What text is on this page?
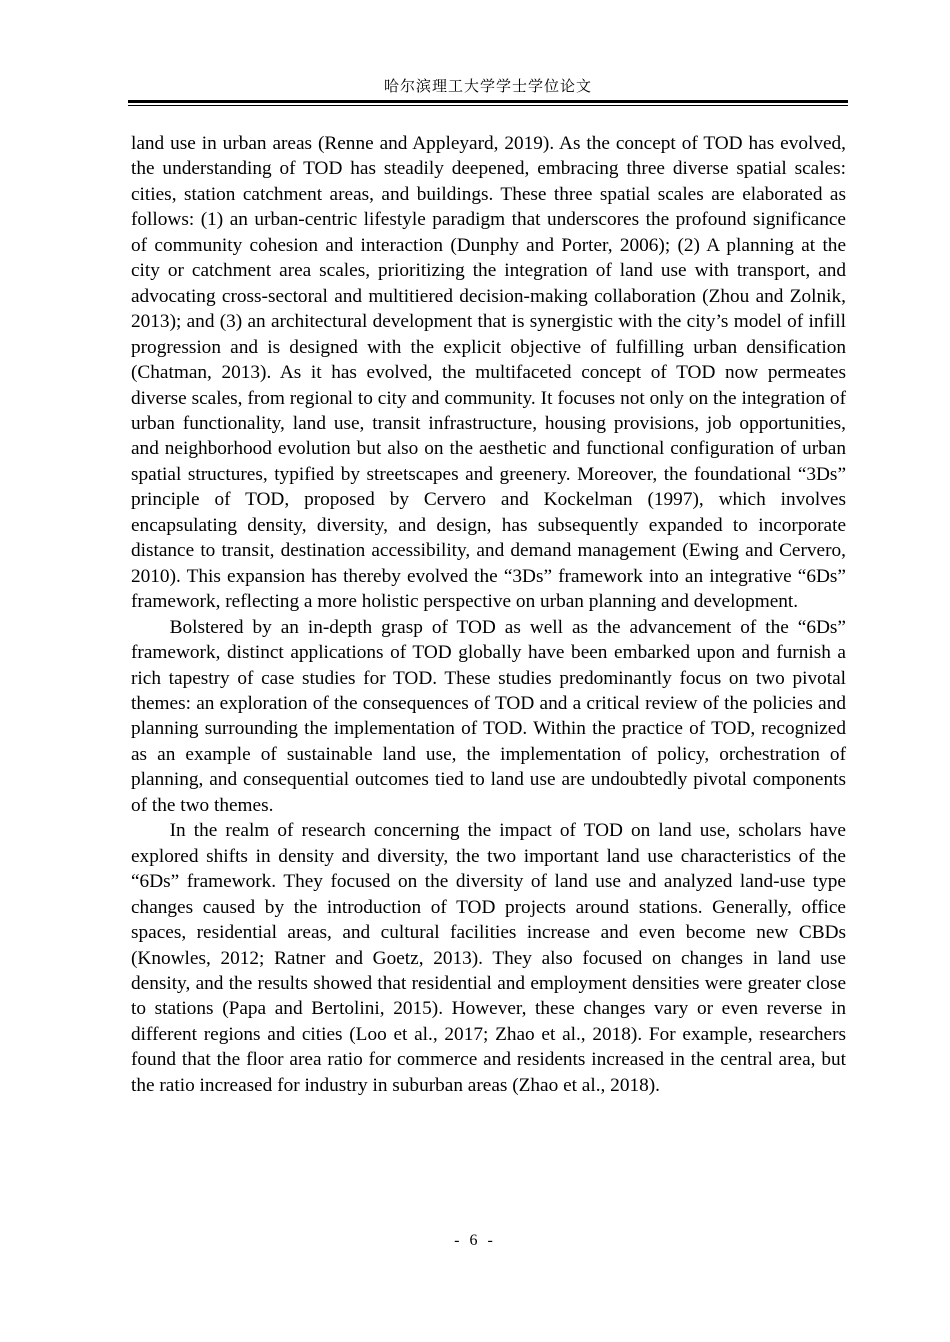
哈尔滨理工大学学士学位论文

land use in urban areas (Renne and Appleyard, 2019). As the concept of TOD has evolved, the understanding of TOD has steadily deepened, embracing three diverse spatial scales: cities, station catchment areas, and buildings. These three spatial scales are elaborated as follows: (1) an urban-centric lifestyle paradigm that underscores the profound significance of community cohesion and interaction (Dunphy and Porter, 2006); (2) A planning at the city or catchment area scales, prioritizing the integration of land use with transport, and advocating cross-sectoral and multitiered decision-making collaboration (Zhou and Zolnik, 2013); and (3) an architectural development that is synergistic with the city’s model of infill progression and is designed with the explicit objective of fulfilling urban densification (Chatman, 2013). As it has evolved, the multifaceted concept of TOD now permeates diverse scales, from regional to city and community. It focuses not only on the integration of urban functionality, land use, transit infrastructure, housing provisions, job opportunities, and neighborhood evolution but also on the aesthetic and functional configuration of urban spatial structures, typified by streetscapes and greenery. Moreover, the foundational “3Ds” principle of TOD, proposed by Cervero and Kockelman (1997), which involves encapsulating density, diversity, and design, has subsequently expanded to incorporate distance to transit, destination accessibility, and demand management (Ewing and Cervero, 2010). This expansion has thereby evolved the “3Ds” framework into an integrative “6Ds” framework, reflecting a more holistic perspective on urban planning and development.

Bolstered by an in-depth grasp of TOD as well as the advancement of the “6Ds” framework, distinct applications of TOD globally have been embarked upon and furnish a rich tapestry of case studies for TOD. These studies predominantly focus on two pivotal themes: an exploration of the consequences of TOD and a critical review of the policies and planning surrounding the implementation of TOD. Within the practice of TOD, recognized as an example of sustainable land use, the implementation of policy, orchestration of planning, and consequential outcomes tied to land use are undoubtedly pivotal components of the two themes.

In the realm of research concerning the impact of TOD on land use, scholars have explored shifts in density and diversity, the two important land use characteristics of the “6Ds” framework. They focused on the diversity of land use and analyzed land-use type changes caused by the introduction of TOD projects around stations. Generally, office spaces, residential areas, and cultural facilities increase and even become new CBDs (Knowles, 2012; Ratner and Goetz, 2013). They also focused on changes in land use density, and the results showed that residential and employment densities were greater close to stations (Papa and Bertolini, 2015). However, these changes vary or even reverse in different regions and cities (Loo et al., 2017; Zhao et al., 2018). For example, researchers found that the floor area ratio for commerce and residents increased in the central area, but the ratio increased for industry in suburban areas (Zhao et al., 2018).

- 6 -
